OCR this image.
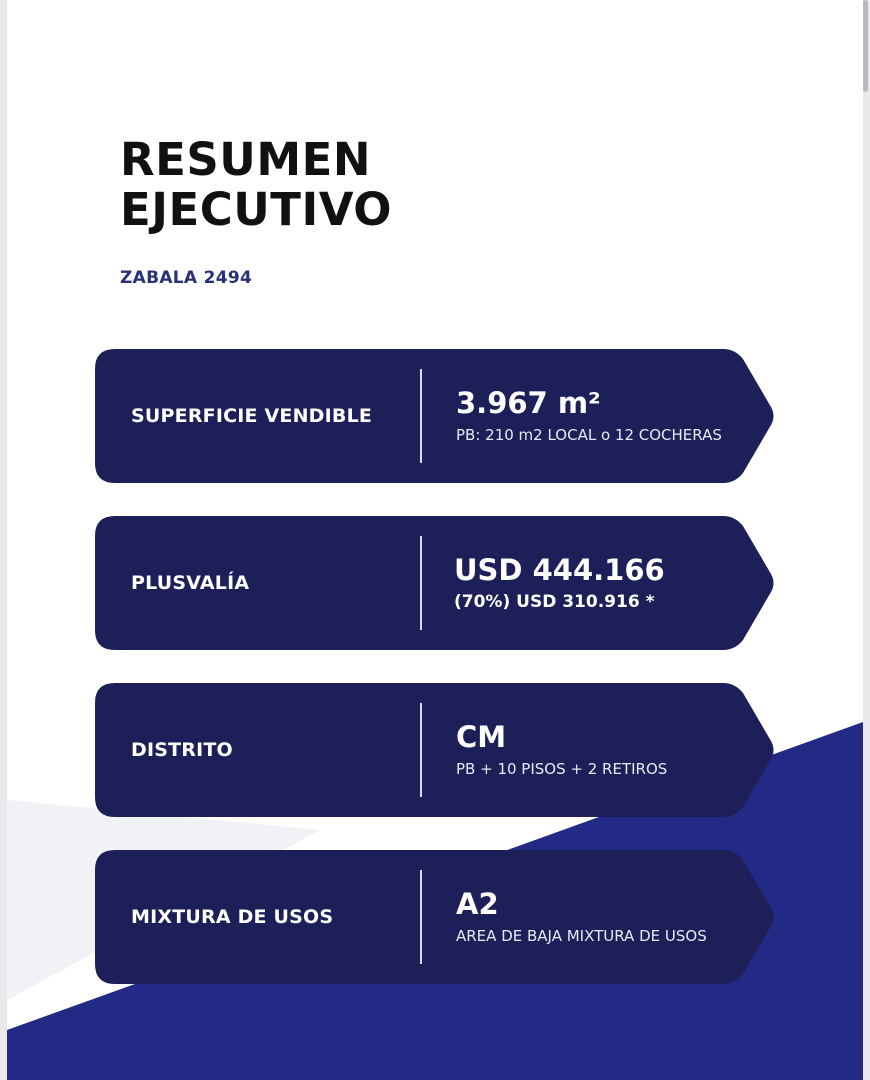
RESUMEN
EJECUTIVO
ZABALA 2494
SUPERFICIE VENDIBLE	3.967 m²
PB: 210 m2 LOCAL o 12 COCHERAS
PLUSVALÍA	USD 444.166
(70%) USD 310.916 *
DISTRITO	CM
PB + 10 PISOS + 2 RETIROS
MIXTURA DE USOS	A2
AREA DE BAJA MIXTURA DE USOS
